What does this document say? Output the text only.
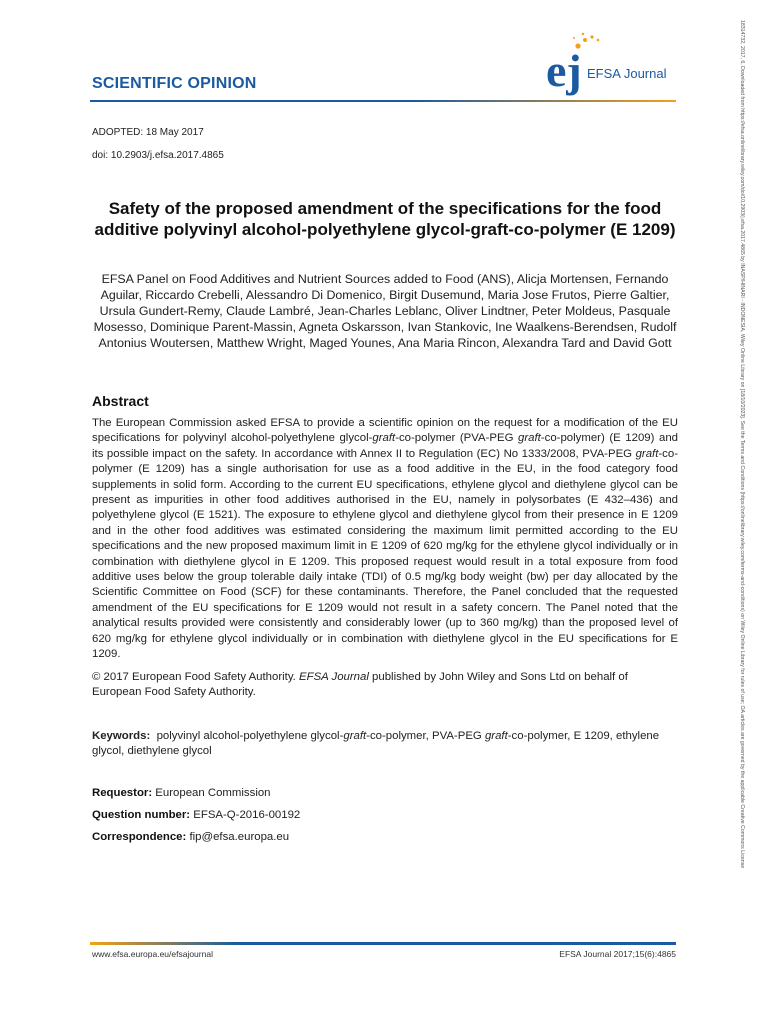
SCIENTIFIC OPINION	ej EFSA Journal
ADOPTED: 18 May 2017
doi: 10.2903/j.efsa.2017.4865
Safety of the proposed amendment of the specifications for the food additive polyvinyl alcohol-polyethylene glycol-graft-co-polymer (E 1209)

EFSA Panel on Food Additives and Nutrient Sources added to Food (ANS), Alicja Mortensen, Fernando Aguilar, Riccardo Crebelli, Alessandro Di Domenico, Birgit Dusemund, Maria Jose Frutos, Pierre Galtier, Ursula Gundert-Remy, Claude Lambré, Jean-Charles Leblanc, Oliver Lindtner, Peter Moldeus, Pasquale Mosesso, Dominique Parent-Massin, Agneta Oskarsson, Ivan Stankovic, Ine Waalkens-Berendsen, Rudolf Antonius Woutersen, Matthew Wright, Maged Younes, Ana Maria Rincon, Alexandra Tard and David Gott

Abstract

The European Commission asked EFSA to provide a scientific opinion on the request for a modification of the EU specifications for polyvinyl alcohol-polyethylene glycol-graft-co-polymer (PVA-PEG graft-co-polymer) (E 1209) and its possible impact on the safety. In accordance with Annex II to Regulation (EC) No 1333/2008, PVA-PEG graft-co-polymer (E 1209) has a single authorisation for use as a food additive in the EU, in the food category food supplements in solid form. According to the current EU specifications, ethylene glycol and diethylene glycol can be present as impurities in other food additives authorised in the EU, namely in polysorbates (E 432–436) and polyethylene glycol (E 1521). The exposure to ethylene glycol and diethylene glycol from their presence in E 1209 and in the other food additives was estimated considering the maximum limit permitted according to the EU specifications and the new proposed maximum limit in E 1209 of 620 mg/kg for the ethylene glycol individually or in combination with diethylene glycol in E 1209. This proposed request would result in a total exposure from food additive uses below the group tolerable daily intake (TDI) of 0.5 mg/kg body weight (bw) per day allocated by the Scientific Committee on Food (SCF) for these contaminants. Therefore, the Panel concluded that the requested amendment of the EU specifications for E 1209 would not result in a safety concern. The Panel noted that the analytical results provided were consistently and considerably lower (up to 360 mg/kg) than the proposed level of 620 mg/kg for ethylene glycol individually or in combination with diethylene glycol in the EU specifications for E 1209.

© 2017 European Food Safety Authority. EFSA Journal published by John Wiley and Sons Ltd on behalf of European Food Safety Authority.

Keywords: polyvinyl alcohol-polyethylene glycol-graft-co-polymer, PVA-PEG graft-co-polymer, E 1209, ethylene glycol, diethylene glycol

Requestor: European Commission
Question number: EFSA-Q-2016-00192
Correspondence: fip@efsa.europa.eu
www.efsa.europa.eu/efsajournal	EFSA Journal 2017;15(6):4865
18314732, 2017, 6, Downloaded from https://efsa.onlinelibrary.wiley.com/doi/10.2903/j.efsa.2017.4865 by INASP/HINARI - INDONESIA, Wiley Online Library on [18/10/2023]. See the Terms and Conditions (https://onlinelibrary.wiley.com/terms-and-conditions) on Wiley Online Library for rules of use; OA articles are governed by the applicable Creative Commons License
